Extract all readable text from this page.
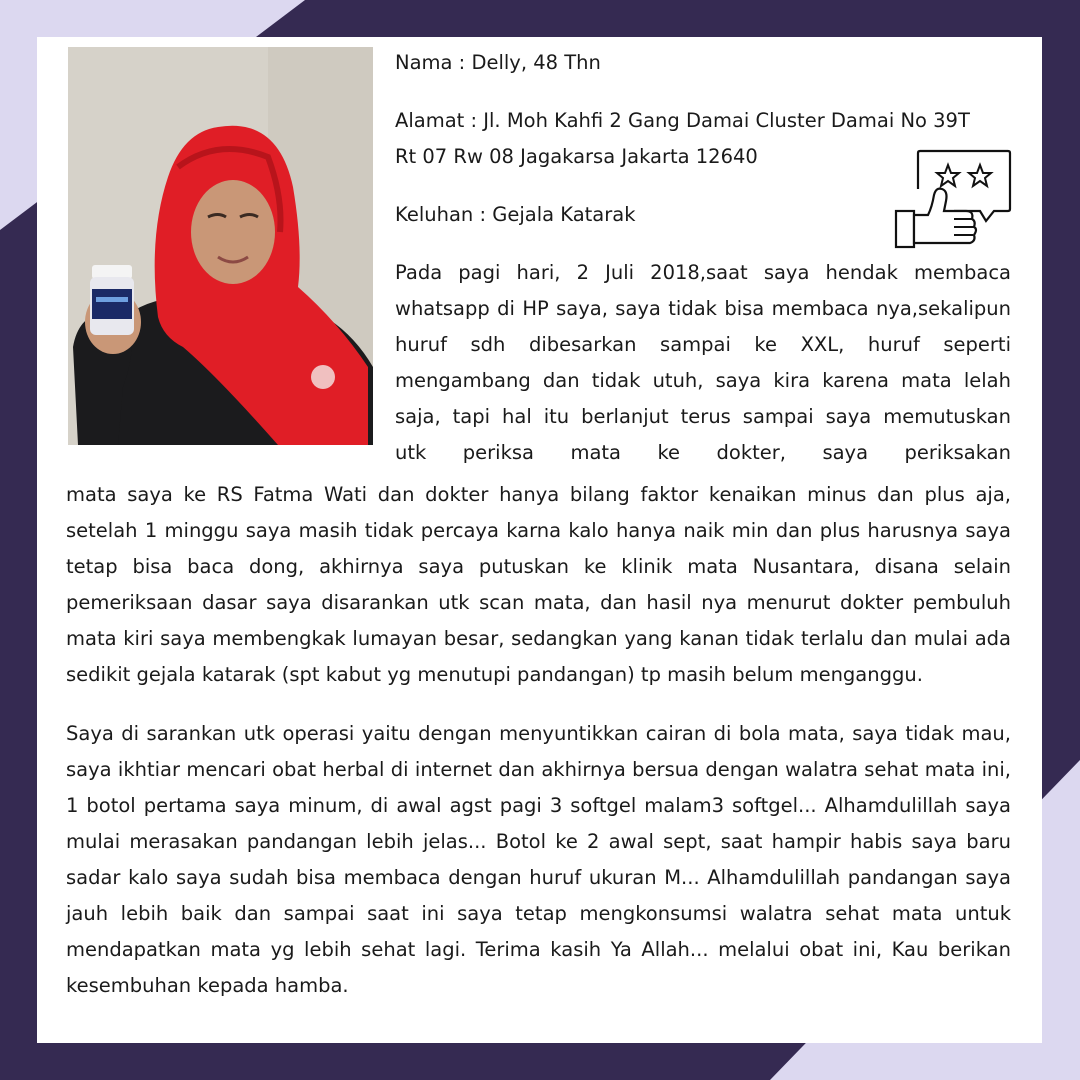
Nama : Delly, 48 Thn

Alamat : Jl. Moh Kahfi 2 Gang Damai Cluster Damai No 39T Rt 07 Rw 08 Jagakarsa Jakarta 12640

Keluhan : Gejala Katarak

Pada pagi hari, 2 Juli 2018,saat saya hendak membaca whatsapp di HP saya, saya tidak bisa membaca nya,sekalipun huruf sdh dibesarkan sampai ke XXL, huruf seperti mengambang dan tidak utuh, saya kira karena mata lelah saja, tapi hal itu berlanjut terus sampai saya memutuskan utk periksa mata ke dokter, saya periksakan

mata saya ke RS Fatma Wati dan dokter hanya bilang faktor kenaikan minus dan plus aja, setelah 1 minggu saya masih tidak percaya karna kalo hanya naik min dan plus harusnya saya tetap bisa baca dong, akhirnya saya putuskan ke klinik mata Nusantara, disana selain pemeriksaan dasar saya disarankan utk scan mata, dan hasil nya menurut dokter pembuluh mata kiri saya membengkak lumayan besar, sedangkan yang kanan tidak terlalu dan mulai ada sedikit gejala katarak (spt kabut yg menutupi pandangan) tp masih belum menganggu.

Saya di sarankan utk operasi yaitu dengan menyuntikkan cairan di bola mata, saya tidak mau, saya ikhtiar mencari obat herbal di internet dan akhirnya bersua dengan walatra sehat mata ini, 1 botol pertama saya minum, di awal agst pagi 3 softgel malam3 softgel... Alhamdulillah saya mulai merasakan pandangan lebih jelas... Botol ke 2 awal sept, saat hampir habis saya baru sadar kalo saya sudah bisa membaca dengan huruf ukuran M... Alhamdulillah pandangan saya jauh lebih baik dan sampai saat ini saya tetap mengkonsumsi walatra sehat mata untuk mendapatkan mata yg lebih sehat lagi. Terima kasih Ya Allah... melalui obat ini, Kau berikan kesembuhan kepada hamba.
